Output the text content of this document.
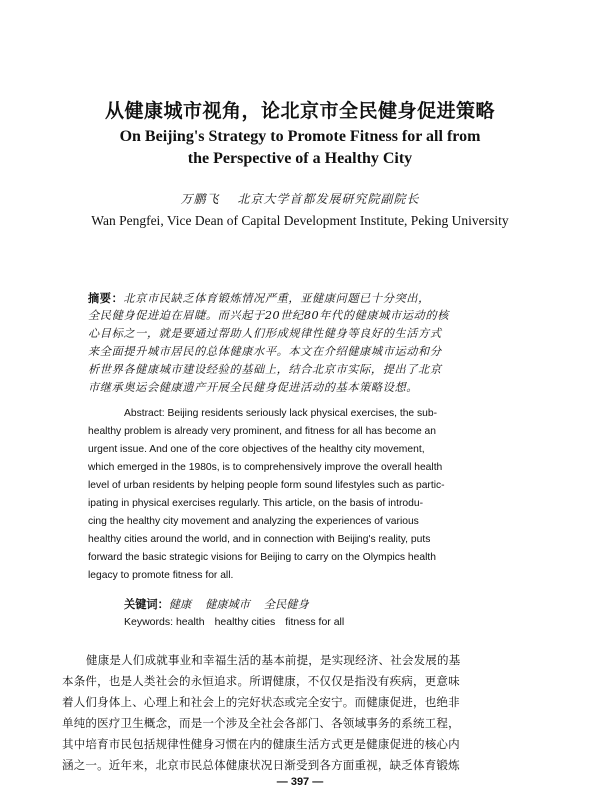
从健康城市视角，论北京市全民健身促进策略
On Beijing's Strategy to Promote Fitness for all from
the Perspective of a Healthy City
万鹏飞 北京大学首都发展研究院副院长
Wan Pengfei, Vice Dean of Capital Development Institute, Peking University
摘要：北京市民缺乏体育锻炼情况严重，亚健康问题已十分突出，
全民健身促进迫在眉睫。而兴起于20世纪80年代的健康城市运动的核
心目标之一，就是要通过帮助人们形成规律性健身等良好的生活方式
来全面提升城市居民的总体健康水平。本文在介绍健康城市运动和分
析世界各健康城市建设经验的基础上，结合北京市实际，提出了北京
市继承奥运会健康遗产开展全民健身促进活动的基本策略设想。
Abstract: Beijing residents seriously lack physical exercises, the sub-
healthy problem is already very prominent, and fitness for all has become an
urgent issue. And one of the core objectives of the healthy city movement,
which emerged in the 1980s, is to comprehensively improve the overall health
level of urban residents by helping people form sound lifestyles such as partic-
ipating in physical exercises regularly. This article, on the basis of introdu-
cing the healthy city movement and analyzing the experiences of various
healthy cities around the world, and in connection with Beijing's reality, puts
forward the basic strategic visions for Beijing to carry on the Olympics health
legacy to promote fitness for all.
关键词：健康 健康城市 全民健身
Keywords: health healthy cities fitness for all
健康是人们成就事业和幸福生活的基本前提，是实现经济、社会发展的基
本条件，也是人类社会的永恒追求。所谓健康，不仅仅是指没有疾病，更意味
着人们身体上、心理上和社会上的完好状态或完全安宁。而健康促进，也绝非
单纯的医疗卫生概念，而是一个涉及全社会各部门、各领域事务的系统工程，
其中培育市民包括规律性健身习惯在内的健康生活方式更是健康促进的核心内
涵之一。近年来，北京市民总体健康状况日渐受到各方面重视，缺乏体育锻炼
— 397 —
